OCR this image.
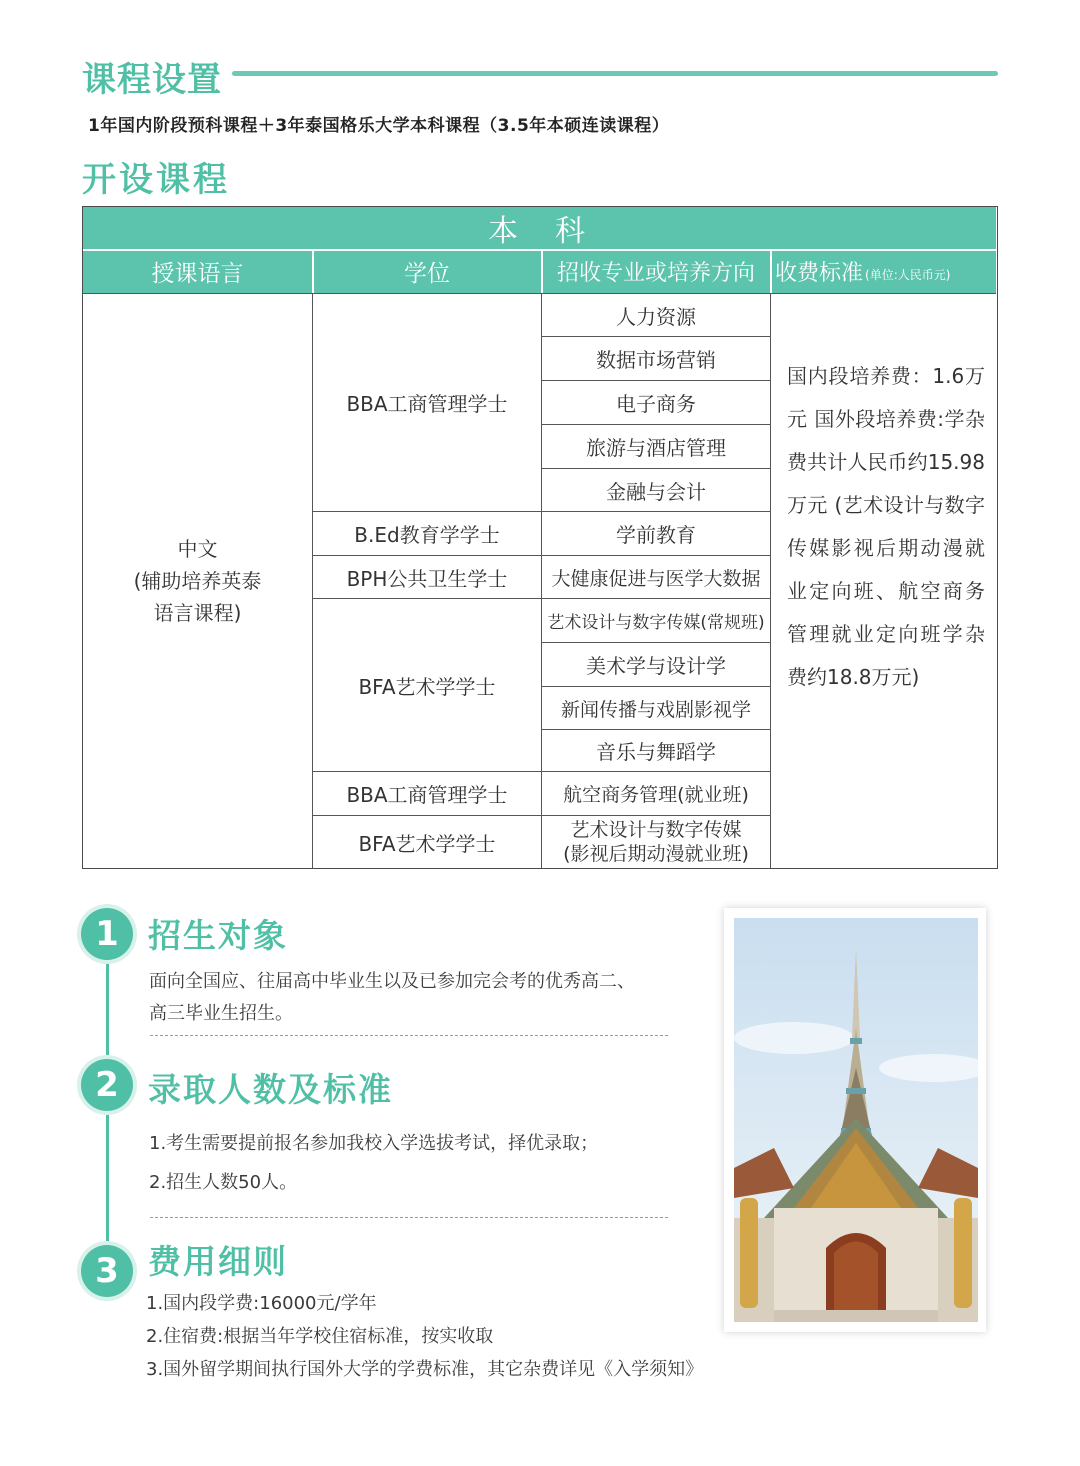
课程设置
1年国内阶段预科课程＋3年泰国格乐大学本科课程（3.5年本硕连读课程）
开设课程
本  科
授课语言	学位	招收专业或培养方向 收费标准 (单位:人民币元)
中文
(辅助培养英泰
语言课程)
BBA工商管理学士
B.Ed教育学学士
BPH公共卫生学士
BFA艺术学学士
BBA工商管理学士
BFA艺术学学士
人力资源
数据市场营销
电子商务
旅游与酒店管理
金融与会计
学前教育
大健康促进与医学大数据
艺术设计与数字传媒(常规班)
美术学与设计学
新闻传播与戏剧影视学
音乐与舞蹈学
航空商务管理(就业班)
艺术设计与数字传媒
(影视后期动漫就业班)
国内段培养费：1.6万元 国外段培养费:学杂费共计人民币约15.98万元 (艺术设计与数字传媒影视后期动漫就业定向班、航空商务管理就业定向班学杂费约18.8万元)
1 招生对象
面向全国应、往届高中毕业生以及已参加完会考的优秀高二、
高三毕业生招生。
2 录取人数及标准
1.考生需要提前报名参加我校入学选拔考试，择优录取；
2.招生人数50人。
3 费用细则
1.国内段学费:16000元/学年
2.住宿费:根据当年学校住宿标准，按实收取
3.国外留学期间执行国外大学的学费标准，其它杂费详见《入学须知》
